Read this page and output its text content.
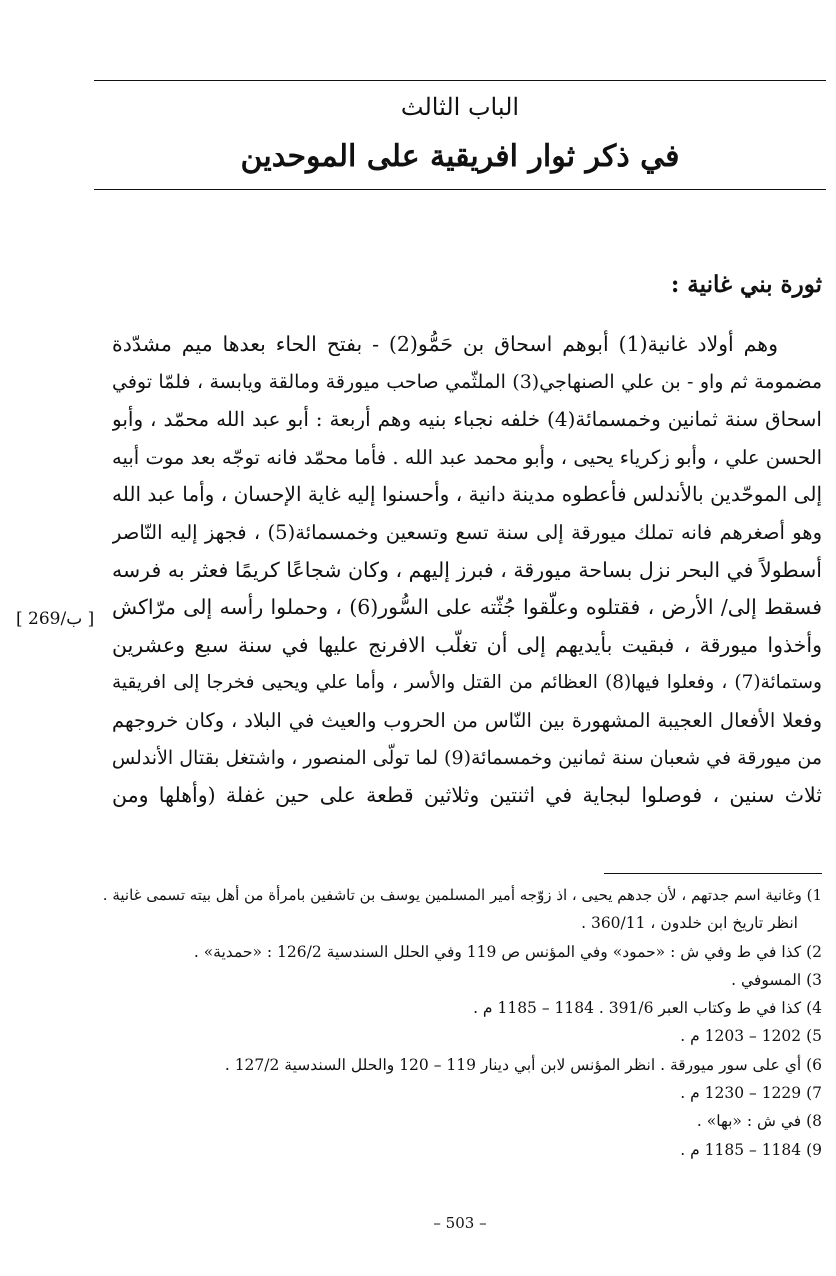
الباب الثالث
في ذكر ثوار افريقية على الموحدين
ثورة بني غانية :
وهم أولاد غانية(1) أبوهم اسحاق بن حَمُّو(2) - بفتح الحاء بعدها ميم مشدّدة
مضمومة ثم واو - بن علي الصنهاجي(3) الملثّمي صاحب ميورقة ومالقة ويابسة ، فلمّا توفي
اسحاق سنة ثمانين وخمسمائة(4) خلفه نجباء بنيه وهم أربعة : أبو عبد الله محمّد ، وأبو
الحسن علي ، وأبو زكرياء يحيى ، وأبو محمد عبد الله . فأما محمّد فانه توجّه بعد موت أبيه
إلى الموحّدين بالأندلس فأعطوه مدينة دانية ، وأحسنوا إليه غاية الإحسان ، وأما عبد الله
وهو أصغرهم فانه تملك ميورقة إلى سنة تسع وتسعين وخمسمائة(5) ، فجهز إليه النّاصر
أسطولاً في البحر نزل بساحة ميورقة ، فبرز إليهم ، وكان شجاعًا كريمًا فعثر به فرسه
فسقط إلى/ الأرض ، فقتلوه وعلّقوا جُثّته على السُّور(6) ، وحملوا رأسه إلى مرّاكش
وأخذوا ميورقة ، فبقيت بأيديهم إلى أن تغلّب الافرنج عليها في سنة سبع وعشرين
وستمائة(7) ، وفعلوا فيها(8) العظائم من القتل والأسر ، وأما علي ويحيى فخرجا إلى افريقية
وفعلا الأفعال العجيبة المشهورة بين النّاس من الحروب والعيث في البلاد ، وكان خروجهم
من ميورقة في شعبان سنة ثمانين وخمسمائة(9) لما تولّى المنصور ، واشتغل بقتال الأندلس
ثلاث سنين ، فوصلوا لبجاية في اثنتين وثلاثين قطعة على حين غفلة (وأهلها ومن
[ 269/ب ]
1) وغانية اسم جدتهم ، لأن جدهم يحيى ، اذ زوّجه أمير المسلمين يوسف بن تاشفين بامرأة من أهل بيته تسمى غانية .
انظر تاريخ ابن خلدون ، 360/11 .
2) كذا في ط وفي ش : «حمود» وفي المؤنس ص 119 وفي الحلل السندسية 126/2 : «حمدية» .
3) المسوفي .
4) كذا في ط وكتاب العبر 391/6 . 1184 – 1185 م .
5) 1202 – 1203 م .
6) أي على سور ميورقة . انظر المؤنس لابن أبي دينار 119 – 120 والحلل السندسية 127/2 .
7) 1229 – 1230 م .
8) في ش : «بها» .
9) 1184 – 1185 م .
– 503 –
